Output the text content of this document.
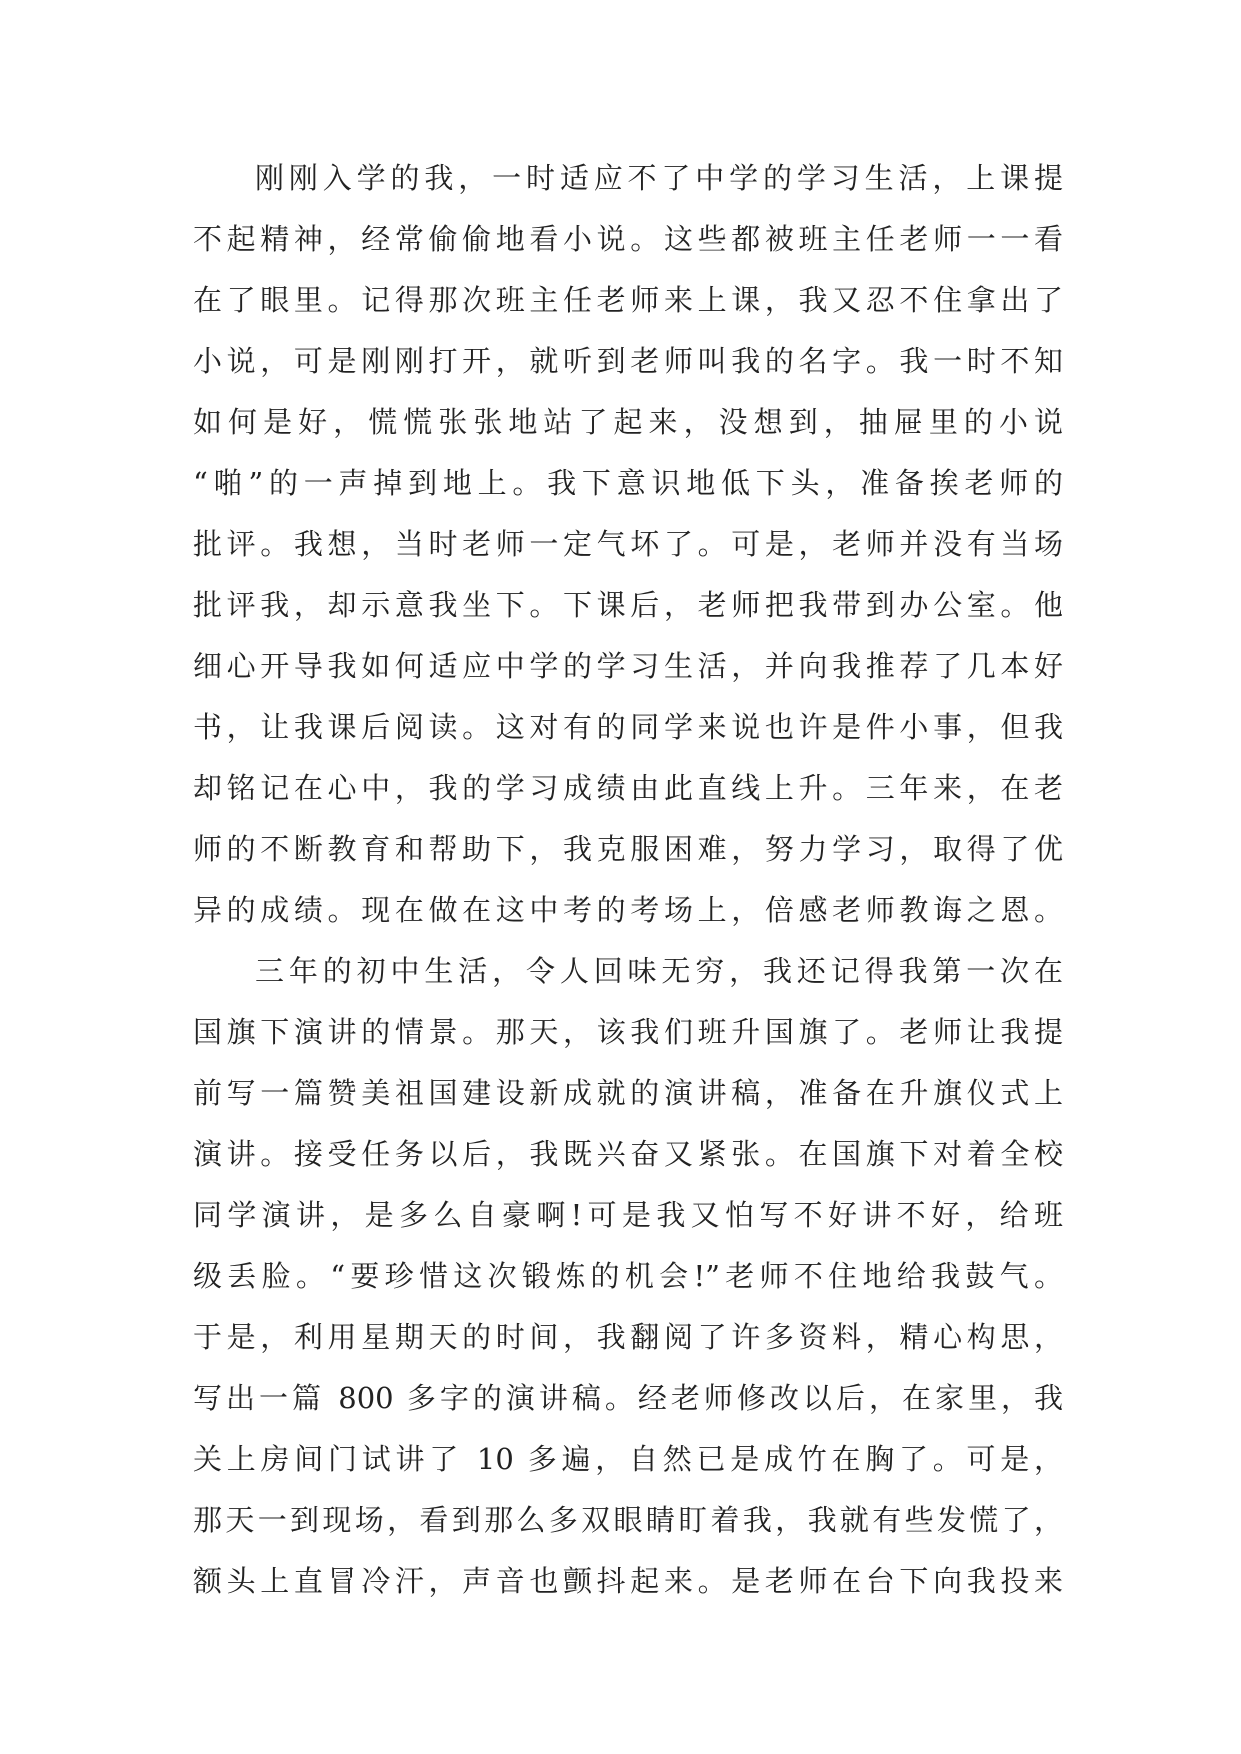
刚刚入学的我，一时适应不了中学的学习生活，上课提
不起精神，经常偷偷地看小说。这些都被班主任老师一一看
在了眼里。记得那次班主任老师来上课，我又忍不住拿出了
小说，可是刚刚打开，就听到老师叫我的名字。我一时不知
如何是好，慌慌张张地站了起来，没想到，抽屉里的小说
“啪”的一声掉到地上。我下意识地低下头，准备挨老师的
批评。我想，当时老师一定气坏了。可是，老师并没有当场
批评我，却示意我坐下。下课后，老师把我带到办公室。他
细心开导我如何适应中学的学习生活，并向我推荐了几本好
书，让我课后阅读。这对有的同学来说也许是件小事，但我
却铭记在心中，我的学习成绩由此直线上升。三年来，在老
师的不断教育和帮助下，我克服困难，努力学习，取得了优
异的成绩。现在做在这中考的考场上，倍感老师教诲之恩。
三年的初中生活，令人回味无穷，我还记得我第一次在
国旗下演讲的情景。那天，该我们班升国旗了。老师让我提
前写一篇赞美祖国建设新成就的演讲稿，准备在升旗仪式上
演讲。接受任务以后，我既兴奋又紧张。在国旗下对着全校
同学演讲，是多么自豪啊!可是我又怕写不好讲不好，给班
级丢脸。“要珍惜这次锻炼的机会!”老师不住地给我鼓气。
于是，利用星期天的时间，我翻阅了许多资料，精心构思，
写出一篇 800 多字的演讲稿。经老师修改以后，在家里，我
关上房间门试讲了 10 多遍，自然已是成竹在胸了。可是，
那天一到现场，看到那么多双眼睛盯着我，我就有些发慌了，
额头上直冒冷汗，声音也颤抖起来。是老师在台下向我投来
